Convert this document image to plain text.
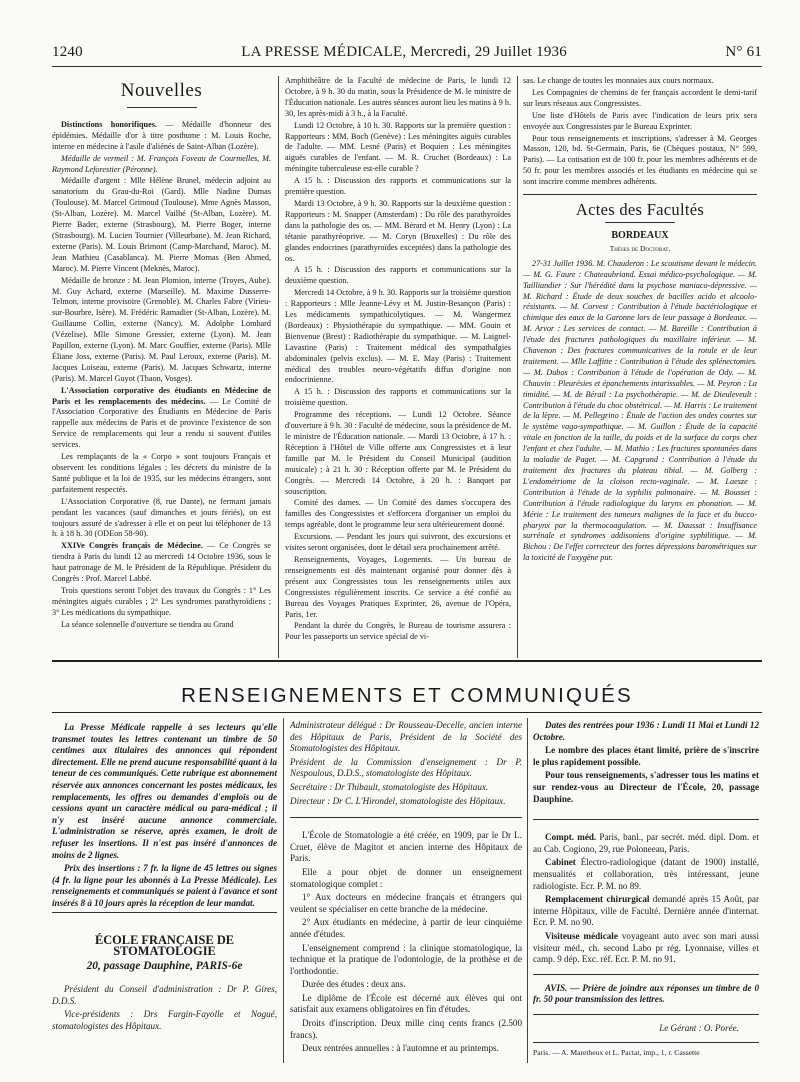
1240	LA PRESSE MÉDICALE, Mercredi, 29 Juillet 1936	N° 61
Nouvelles

Distinctions honorifiques. — Médaille d'honneur des épidémies. Médaille d'or à titre posthume : M. Louis Roche, interne en médecine à l'asile d'aliénés de Saint-Alban (Lozère).

Médaille de vermeil : M. François Foveau de Courmelles, M. Raymond Leforestier (Péronne).

Médaille d'argent : Mlle Hélène Brunel, médecin adjoint au sanatorium du Grau-du-Roi (Gard). Mlle Nadine Dumas (Toulouse). M. Marcel Grimoud (Toulouse). Mme Agnès Masson, (St-Alban, Lozère). M. Marcel Vailhé (St-Alban, Lozère). M. Pierre Bader, externe (Strasbourg), M. Pierre Boger, interne (Strasbourg). M. Lucien Tournier (Villeurbane). M. Jean Richard, externe (Paris). M. Louis Brimont (Camp-Marchand, Maroc). M. Jean Mathieu (Casablanca). M. Pierre Mornas (Ben Ahmed, Maroc). M. Pierre Vincent (Meknès, Maroc).

Médaille de bronze : M. Jean Plomion, interne (Troyes, Aube). M. Guy Achard, externe (Marseille). M. Maxime Dusserre-Telmon, interne provisoire (Grenoble). M. Charles Fabre (Virieu-sur-Bourbre, Isère). M. Frédéric Ramadier (St-Alban, Lozère). M. Guillaume Collin, externe (Nancy). M. Adolphe Lombard (Vézelise). Mlle Simone Gressier, externe (Lyon). M. Jean Papillon, externe (Lyon). M. Marc Gouffier, externe (Paris). Mlle Éliane Joss, externe (Paris). M. Paul Leroux, externe (Paris). M. Jacques Loiseau, externe (Paris). M. Jacques Schwartz, interne (Paris). M. Marcel Guyot (Thaon, Vosges).

L'Association corporative des étudiants en Médecine de Paris et les remplacements des médecins. — Le Comité de l'Association Corporative des Étudiants en Médecine de Paris rappelle aux médecins de Paris et de province l'existence de son Service de remplacements qui leur a rendu si souvent d'utiles services.

Les remplaçants de la « Corpo » sont toujours Français et observent les conditions légales ; les décrets du ministre de la Santé publique et la loi de 1935, sur les médecins étrangers, sont parfaitement respectés.

L'Association Corporative (8, rue Dante), ne fermant jamais pendant les vacances (sauf dimanches et jours fériés), on est toujours assuré de s'adresser à elle et on peut lui téléphoner de 13 h. à 18 h. 30 (ODEon 58-90).

XXIVe Congrès français de Médecine. — Ce Congrès se tiendra à Paris du lundi 12 au mercredi 14 Octobre 1936, sous le haut patronage de M. le Président de la République. Président du Congrès : Prof. Marcel Labbé.

Trois questions seront l'objet des travaux du Congrès : 1° Les méningites aiguës curables ; 2° Les syndromes parathyroïdiens ; 3° Les médications du sympathique.

La séance solennelle d'ouverture se tiendra au Grand

Amphithéâtre de la Faculté de médecine de Paris, le lundi 12 Octobre, à 9 h. 30 du matin, sous la Présidence de M. le ministre de l'Éducation nationale. Les autres séances auront lieu les matins à 9 h. 30, les après-midi à 3 h., à la Faculté.

Lundi 12 Octobre, à 10 h. 30. Rapports sur la première question : Rapporteurs : MM. Boch (Genève) : Les méningites aiguës curables de l'adulte. — MM. Lesné (Paris) et Boquien : Les méningites aiguës curables de l'enfant. — M. R. Cruchet (Bordeaux) : La méningite tuberculeuse est-elle curable ?

A 15 h. : Discussion des rapports et communications sur la première question.

Mardi 13 Octobre, à 9 h. 30. Rapports sur la deuxième question : Rapporteurs : M. Snapper (Amsterdam) : Du rôle des parathyroïdes dans la pathologie des os. — MM. Bérard et M. Henry (Lyon) : La tétanie parathyréoprive. — M. Coryn (Bruxelles) : Du rôle des glandes endocrines (parathyroïdes exceptées) dans la pathologie des os.

A 15 h. : Discussion des rapports et communications sur la deuxième question.

Mercredi 14 Octobre, à 9 h. 30. Rapports sur la troisième question : Rapporteurs : Mlle Jeanne-Lévy et M. Justin-Besançon (Paris) : Les médicaments sympathicolytiques. — M. Wangermez (Bordeaux) : Physiothérapie du sympathique. — MM. Gouin et Bienvenue (Brest) : Radiothérapie du sympathique. — M. Laignel-Lavastine (Paris) : Traitement médical des sympathalgies abdominales (pelvis exclus). — M. E. May (Paris) : Traitement médical des troubles neuro-végétatifs diffus d'origine non endocrinienne.

A 15 h. : Discussion des rapports et communications sur la troisième question.

Programme des réceptions. — Lundi 12 Octobre. Séance d'ouverture à 9 h. 30 : Faculté de médecine, sous la présidence de M. le ministre de l'Éducation nationale. — Mardi 13 Octobre, à 17 h. : Réception à l'Hôtel de Ville offerte aux Congressistes et à leur famille par M. le Président du Conseil Municipal (audition musicale) ; à 21 h. 30 : Réception offerte par M. le Président du Congrès. — Mercredi 14 Octobre, à 20 h. : Banquet par souscription.

Comité des dames. — Un Comité des dames s'occupera des familles des Congressistes et s'efforcera d'organiser un emploi du temps agréable, dont le programme leur sera ultérieurement donné.

Excursions. — Pendant les jours qui suivront, des excursions et visites seront organisées, dont le détail sera prochainement arrêté.

Renseignements, Voyages, Logements. — Un bureau de renseignements est dès maintenant organisé pour donner dès à présent aux Congressistes tous les renseignements utiles aux Congressistes régulièrement inscrits. Ce service a été confié au Bureau des Voyages Pratiques Exprinter, 26, avenue de l'Opéra, Paris, 1er.

Pendant la durée du Congrès, le Bureau de tourisme assurera : Pour les passeports un service spécial de vi-

sas. Le change de toutes les monnaies aux cours normaux.

Les Compagnies de chemins de fer français accordent le demi-tarif sur leurs réseaux aux Congressistes.

Une liste d'Hôtels de Paris avec l'indication de leurs prix sera envoyée aux Congressistes par le Bureau Exprinter.

Pour tous renseignements et inscriptions, s'adresser à M. Georges Masson, 120, bd. St-Germain, Paris, 6e (Chèques postaux, N° 599, Paris). — La cotisation est de 100 fr. pour les membres adhérents et de 50 fr. pour les membres associés et les étudiants en médecine qui se sont inscrire comme membres adhérents.

Actes des Facultés
BORDEAUX
Thèses de Doctorat.

27-31 Juillet 1936. M. Chauderon : Le scoutisme devant le médecin. — M. G. Faure : Chateaubriand. Essai médico-psychologique. — M. Tailliandier : Sur l'hérédité dans la psychose maniaco-dépressive. — M. Richard : Étude de deux souches de bacilles acido et alcoolo-résistants. — M. Corvest : Contribution à l'étude bactériologique et chimique des eaux de la Garonne lors de leur passage à Bordeaux. — M. Arvor : Les services de contact. — M. Bareille : Contribution à l'étude des fractures pathologiques du maxillaire inférieur. — M. Chavenon : Des fractures communicatives de la rotule et de leur traitement. — Mlle Laffitte : Contribution à l'étude des splénectomies. — M. Dubos : Contribution à l'étude de l'opération de Ody. — M. Chauvin : Pleurésies et épanchements intarissables. — M. Peyron : La timidité. — M. de Bérail : La psychothérapie. — M. de Dieuleveult : Contribution à l'étude du choc obstétrical. — M. Harris : Le traitement de la lèpre. — M. Pellegrino : Étude de l'action des ondes courtes sur le système vago-sympathique. — M. Guillon : Étude de la capacité vitale en fonction de la taille, du poids et de la surface du corps chez l'enfant et chez l'adulte. — M. Mathio : Les fractures spontanées dans la maladie de Paget. — M. Capgrand : Contribution à l'étude du traitement des fractures du plateau tibial. — M. Golberg : L'endométriome de la cloison recto-vaginale. — M. Laesze : Contribution à l'étude de la syphilis pulmonaire. — M. Bousset : Contribution à l'étude radiologique du larynx en phonation. — M. Mérie : Le traitement des tumeurs malignes de la face et du bucco-pharynx par la thermocoagulation. — M. Daussat : Insuffisance surrénale et syndromes addisoniens d'origine syphilitique. — M. Bichou : De l'effet correcteur des fortes dépressions barométriques sur la toxicité de l'oxygène pur.

RENSEIGNEMENTS ET COMMUNIQUÉS

La Presse Médicale rappelle à ses lecteurs qu'elle transmet toutes les lettres contenant un timbre de 50 centimes aux titulaires des annonces qui répondent directement. Elle ne prend aucune responsabilité quant à la teneur de ces communiqués. Cette rubrique est abonnement réservée aux annonces concernant les postes médicaux, les remplacements, les offres ou demandes d'emplois ou de cessions ayant un caractère médical ou para-médical ; il n'y est inséré aucune annonce commerciale. L'administration se réserve, après examen, le droit de refuser les insertions. Il n'est pas inséré d'annonces de moins de 2 lignes.

Prix des insertions : 7 fr. la ligne de 45 lettres ou signes (4 fr. la ligne pour les abonnés à La Presse Médicale). Les renseignements et communiqués se paient à l'avance et sont insérés 8 à 10 jours après la réception de leur mandat.

ÉCOLE FRANÇAISE DE STOMATOLOGIE
20, passage Dauphine, PARIS-6e

Président du Conseil d'administration : Dr P. Gires, D.D.S.

Vice-présidents : Drs Fargin-Fayolle et Nogué, stomatologistes des Hôpitaux.

Administrateur délégué : Dr Rousseau-Decelle, ancien interne des Hôpitaux de Paris, Président de la Société des Stomatologistes des Hôpitaux.

Président de la Commission d'enseignement : Dr P. Nespoulous, D.D.S., stomatologiste des Hôpitaux.

Secrétaire : Dr Thibault, stomatologiste des Hôpitaux.

Directeur : Dr C. L'Hirondel, stomatologiste des Hôpitaux.

L'École de Stomatologie a été créée, en 1909, par le Dr L. Cruet, élève de Magitot et ancien interne des Hôpitaux de Paris.

Elle a pour objet de donner un enseignement stomatologique complet :

1° Aux docteurs en médecine français et étrangers qui veulent se spécialiser en cette branche de la médecine.

2° Aux étudiants en médecine, à partir de leur cinquième année d'études.

L'enseignement comprend : la clinique stomatologique, la technique et la pratique de l'odontologie, de la prothèse et de l'orthodontie.

Durée des études : deux ans.

Le diplôme de l'École est décerné aux élèves qui ont satisfait aux examens obligatoires en fin d'études.

Droits d'inscription. Deux mille cinq cents francs (2.500 francs).

Deux rentrées annuelles : à l'automne et au printemps.

Dates des rentrées pour 1936 : Lundi 11 Mai et Lundi 12 Octobre.

Le nombre des places étant limité, prière de s'inscrire le plus rapidement possible.

Pour tous renseignements, s'adresser tous les matins et sur rendez-vous au Directeur de l'École, 20, passage Dauphine.

Compt. méd. Paris, banl., par secrét. méd. dipl. Dom. et au Cab. Cogiono, 29, rue Poloneeau, Paris.

Cabinet Électro-radiologique (datant de 1900) installé, mensualités et collaboration, très intéressant, jeune radiologiste. Ecr. P. M. no 89.

Remplacement chirurgical demandé après 15 Août, par interne Hôpitaux, ville de Faculté. Dernière année d'internat. Ecr. P. M. no 90.

Visiteuse médicale voyageant auto avec son mari aussi visiteur méd., ch. second Labo pr rég. Lyonnaise, villes et camp. 9 dép. Exc. réf. Ecr. P. M. no 91.

AVIS. — Prière de joindre aux réponses un timbre de 0 fr. 50 pour transmission des lettres.

Le Gérant : O. Porée.
Paris. — A. Maretheux et L. Pactat, imp., 1, r. Cassette
